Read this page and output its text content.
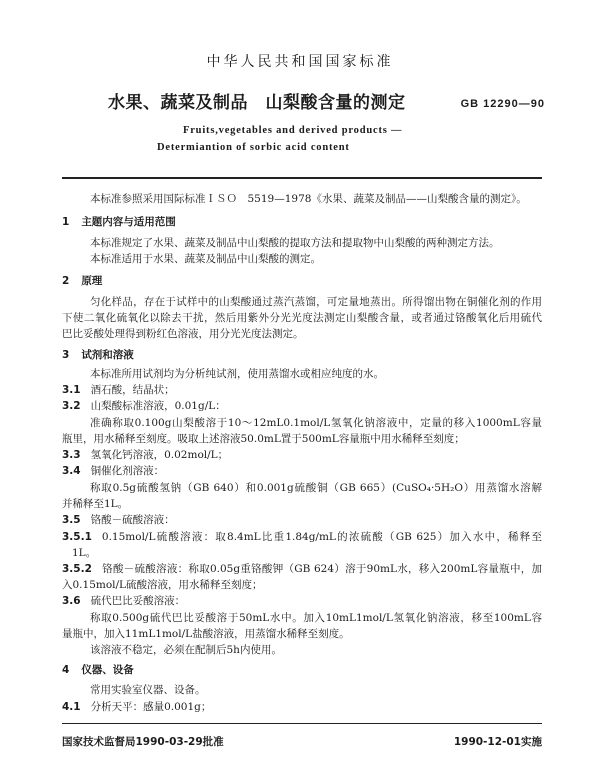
中华人民共和国国家标准
水果、蔬菜及制品　山梨酸含量的测定	GB 12290—90
Fruits,vegetables and derived products —
Determiantion of sorbic acid content
本标准参照采用国际标准ＩＳＯ　5519—1978《水果、蔬菜及制品——山梨酸含量的测定》。
1 主题内容与适用范围
本标准规定了水果、蔬菜及制品中山梨酸的提取方法和提取物中山梨酸的两种测定方法。
本标准适用于水果、蔬菜及制品中山梨酸的测定。
2 原理
匀化样品，存在于试样中的山梨酸通过蒸汽蒸馏，可定量地蒸出。所得馏出物在铜催化剂的作用
下使二氧化硫氧化以除去干扰，然后用紫外分光光度法测定山梨酸含量，或者通过铬酸氧化后用硫代
巴比妥酸处理得到粉红色溶液，用分光光度法测定。
3 试剂和溶液
本标准所用试剂均为分析纯试剂，使用蒸馏水或相应纯度的水。
3.1 酒石酸，结晶状；
3.2 山梨酸标准溶液，0.01g/L：
准确称取0.100g山梨酸溶于10～12mL0.1mol/L氢氧化钠溶液中，定量的移入1000mL容量
瓶里，用水稀释至刻度。吸取上述溶液50.0mL置于500mL容量瓶中用水稀释至刻度；
3.3 氢氧化钙溶液，0.02mol/L；
3.4 铜催化剂溶液：
称取0.5g硫酸氢钠（GB 640）和0.001g硫酸铜（GB 665）(CuSO₄·5H₂O）用蒸馏水溶解
并稀释至1L。
3.5 铬酸－硫酸溶液：
3.5.1 0.15mol/L硫酸溶液：取8.4mL比重1.84g/mL的浓硫酸（GB 625）加入水中，稀释至
1L。
3.5.2 铬酸－硫酸溶液：称取0.05g重铬酸钾（GB 624）溶于90mL水，移入200mL容量瓶中，加
入0.15mol/L硫酸溶液，用水稀释至刻度；
3.6 硫代巴比妥酸溶液：
称取0.500g硫代巴比妥酸溶于50mL水中。加入10mL1mol/L氢氧化钠溶液，移至100mL容
量瓶中，加入11mL1mol/L盐酸溶液，用蒸馏水稀释至刻度。
该溶液不稳定，必须在配制后5h内使用。
4 仪器、设备
常用实验室仪器、设备。
4.1 分析天平：感量0.001g；
国家技术监督局1990-03-29批准	1990-12-01实施
